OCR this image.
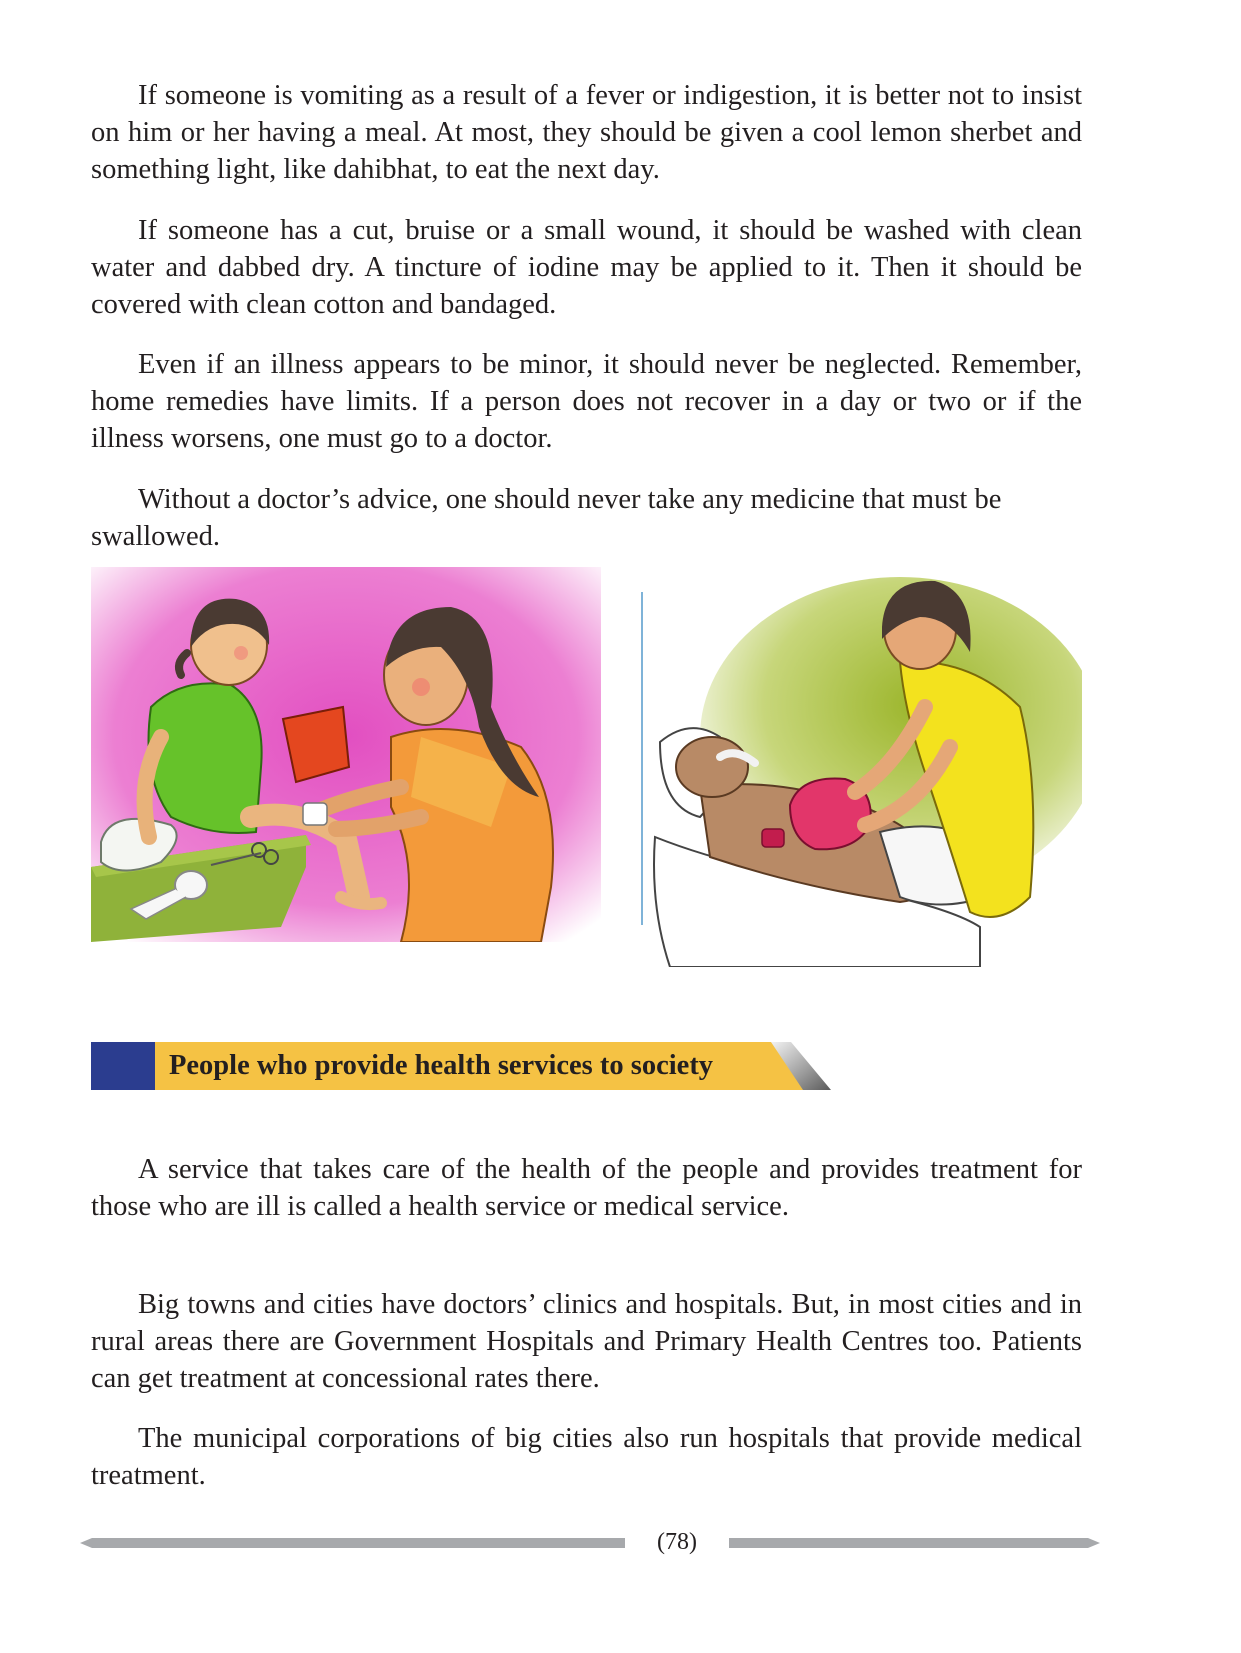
If someone is vomiting as a result of a fever or indigestion, it is better not to insist on him or her having a meal. At most, they should be given a cool lemon sherbet and something light, like dahibhat, to eat the next day.

If someone has a cut, bruise or a small wound, it should be washed with clean water and dabbed dry. A tincture of iodine may be applied to it. Then it should be covered with clean cotton and bandaged.

Even if an illness appears to be minor, it should never be neglected. Remember, home remedies have limits. If a person does not recover in a day or two or if the illness worsens, one must go to a doctor.

Without a doctor’s advice, one should never take any medicine that must be swallowed.

People who provide health services to society

A service that takes care of the health of the people and provides treatment for those who are ill is called a health service or medical service.

Big towns and cities have doctors’ clinics and hospitals. But, in most cities and in rural areas there are Government Hospitals and Primary Health Centres too. Patients can get treatment at concessional rates there.

The municipal corporations of big cities also run hospitals that provide medical treatment.

(78)
